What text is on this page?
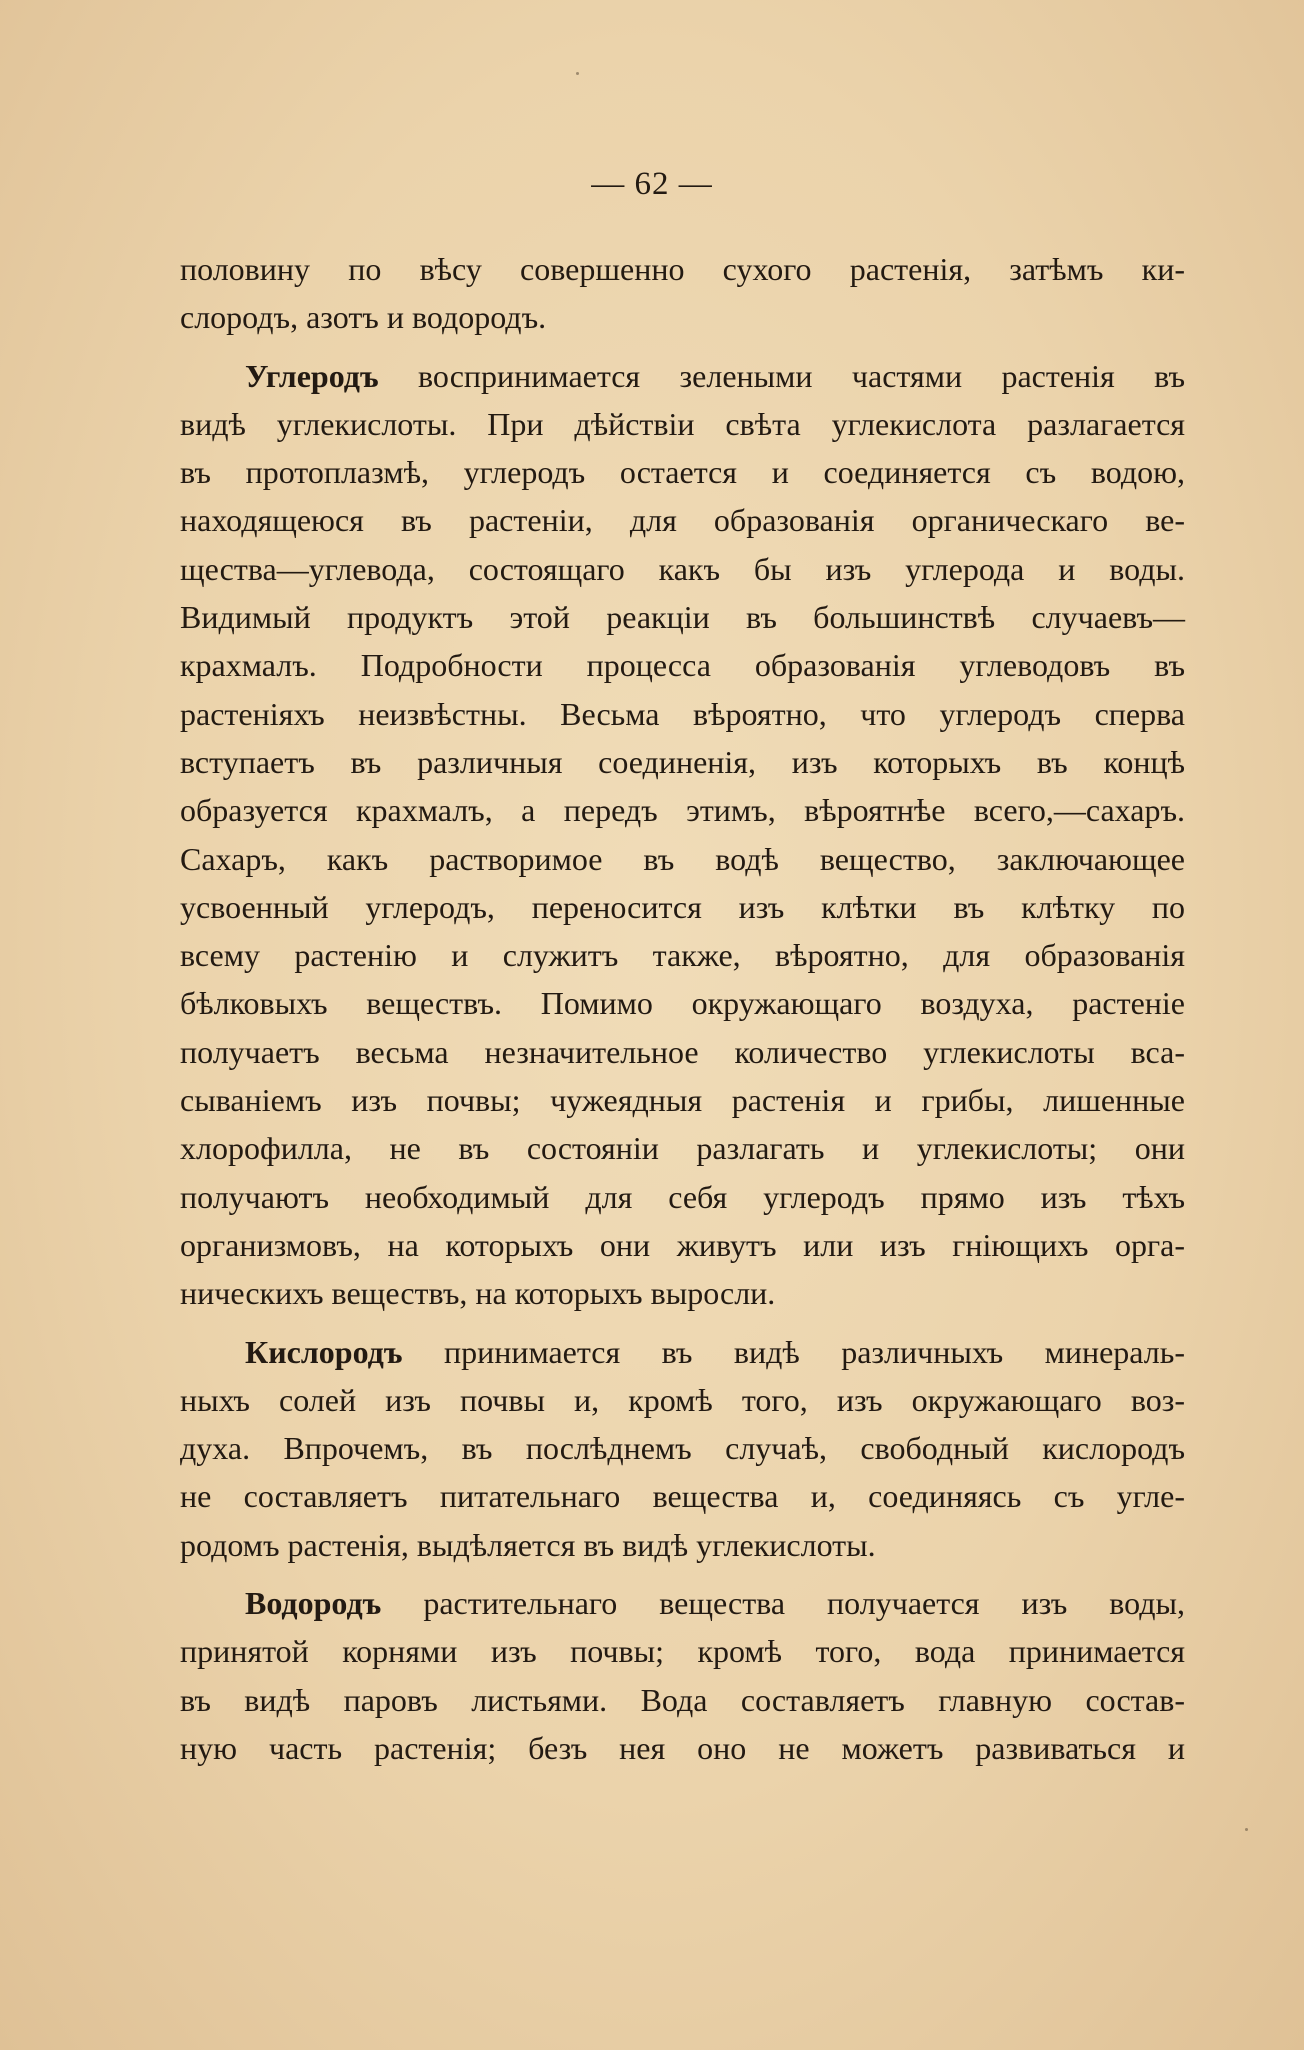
— 62 —

половину по вѣсу совершенно сухого растенія, затѣмъ ки-
слородъ, азотъ и водородъ.

Углеродъ воспринимается зелеными частями растенія въ
видѣ углекислоты. При дѣйствіи свѣта углекислота разлагается
въ протоплазмѣ, углеродъ остается и соединяется съ водою,
находящеюся въ растеніи, для образованія органическаго ве-
щества—углевода, состоящаго какъ бы изъ углерода и воды.
Видимый продуктъ этой реакціи въ большинствѣ случаевъ—
крахмалъ. Подробности процесса образованія углеводовъ въ
растеніяхъ неизвѣстны. Весьма вѣроятно, что углеродъ сперва
вступаетъ въ различныя соединенія, изъ которыхъ въ концѣ
образуется крахмалъ, а передъ этимъ, вѣроятнѣе всего,—сахаръ.
Сахаръ, какъ растворимое въ водѣ вещество, заключающее
усвоенный углеродъ, переносится изъ клѣтки въ клѣтку по
всему растенію и служитъ также, вѣроятно, для образованія
бѣлковыхъ веществъ. Помимо окружающаго воздуха, растеніе
получаетъ весьма незначительное количество углекислоты вса-
сываніемъ изъ почвы; чужеядныя растенія и грибы, лишенные
хлорофилла, не въ состояніи разлагать и углекислоты; они
получаютъ необходимый для себя углеродъ прямо изъ тѣхъ
организмовъ, на которыхъ они живутъ или изъ гніющихъ орга-
ническихъ веществъ, на которыхъ выросли.

Кислородъ принимается въ видѣ различныхъ минераль-
ныхъ солей изъ почвы и, кромѣ того, изъ окружающаго воз-
духа. Впрочемъ, въ послѣднемъ случаѣ, свободный кислородъ
не составляетъ питательнаго вещества и, соединяясь съ угле-
родомъ растенія, выдѣляется въ видѣ углекислоты.

Водородъ растительнаго вещества получается изъ воды,
принятой корнями изъ почвы; кромѣ того, вода принимается
въ видѣ паровъ листьями. Вода составляетъ главную состав-
ную часть растенія; безъ нея оно не можетъ развиваться и
